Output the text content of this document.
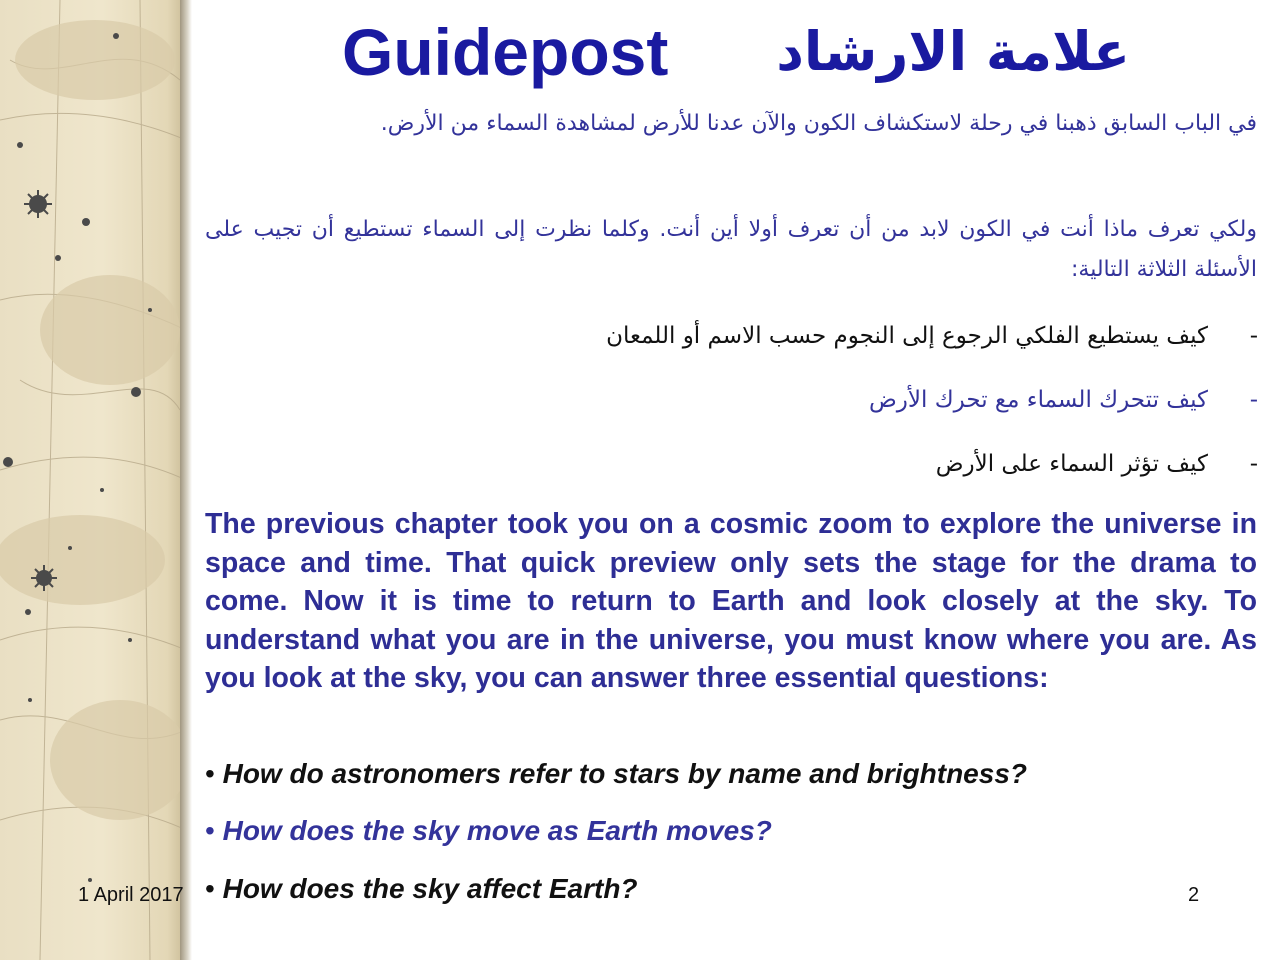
Guidepost	علامة الارشاد

في الباب السابق ذهبنا في رحلة لاستكشاف الكون والآن عدنا للأرض لمشاهدة السماء من الأرض.

ولكي تعرف ماذا أنت في الكون لابد من أن تعرف أولا أين أنت. وكلما نظرت إلى السماء تستطيع أن تجيب على الأسئلة الثلاثة التالية:

-كيف يستطيع الفلكي الرجوع إلى النجوم حسب الاسم أو اللمعان

-كيف تتحرك السماء مع تحرك الأرض

-كيف تؤثر السماء على الأرض

The previous chapter took you on a cosmic zoom to explore the universe in space and time. That quick preview only sets the stage for the drama to come. Now it is time to return to Earth and look closely at the sky. To understand what you are in the universe, you must know where you are. As you look at the sky, you can answer three essential questions:

• How do astronomers refer to stars by name and brightness?

• How does the sky move as Earth moves?

• How does the sky affect Earth?

1 April 2017	2
